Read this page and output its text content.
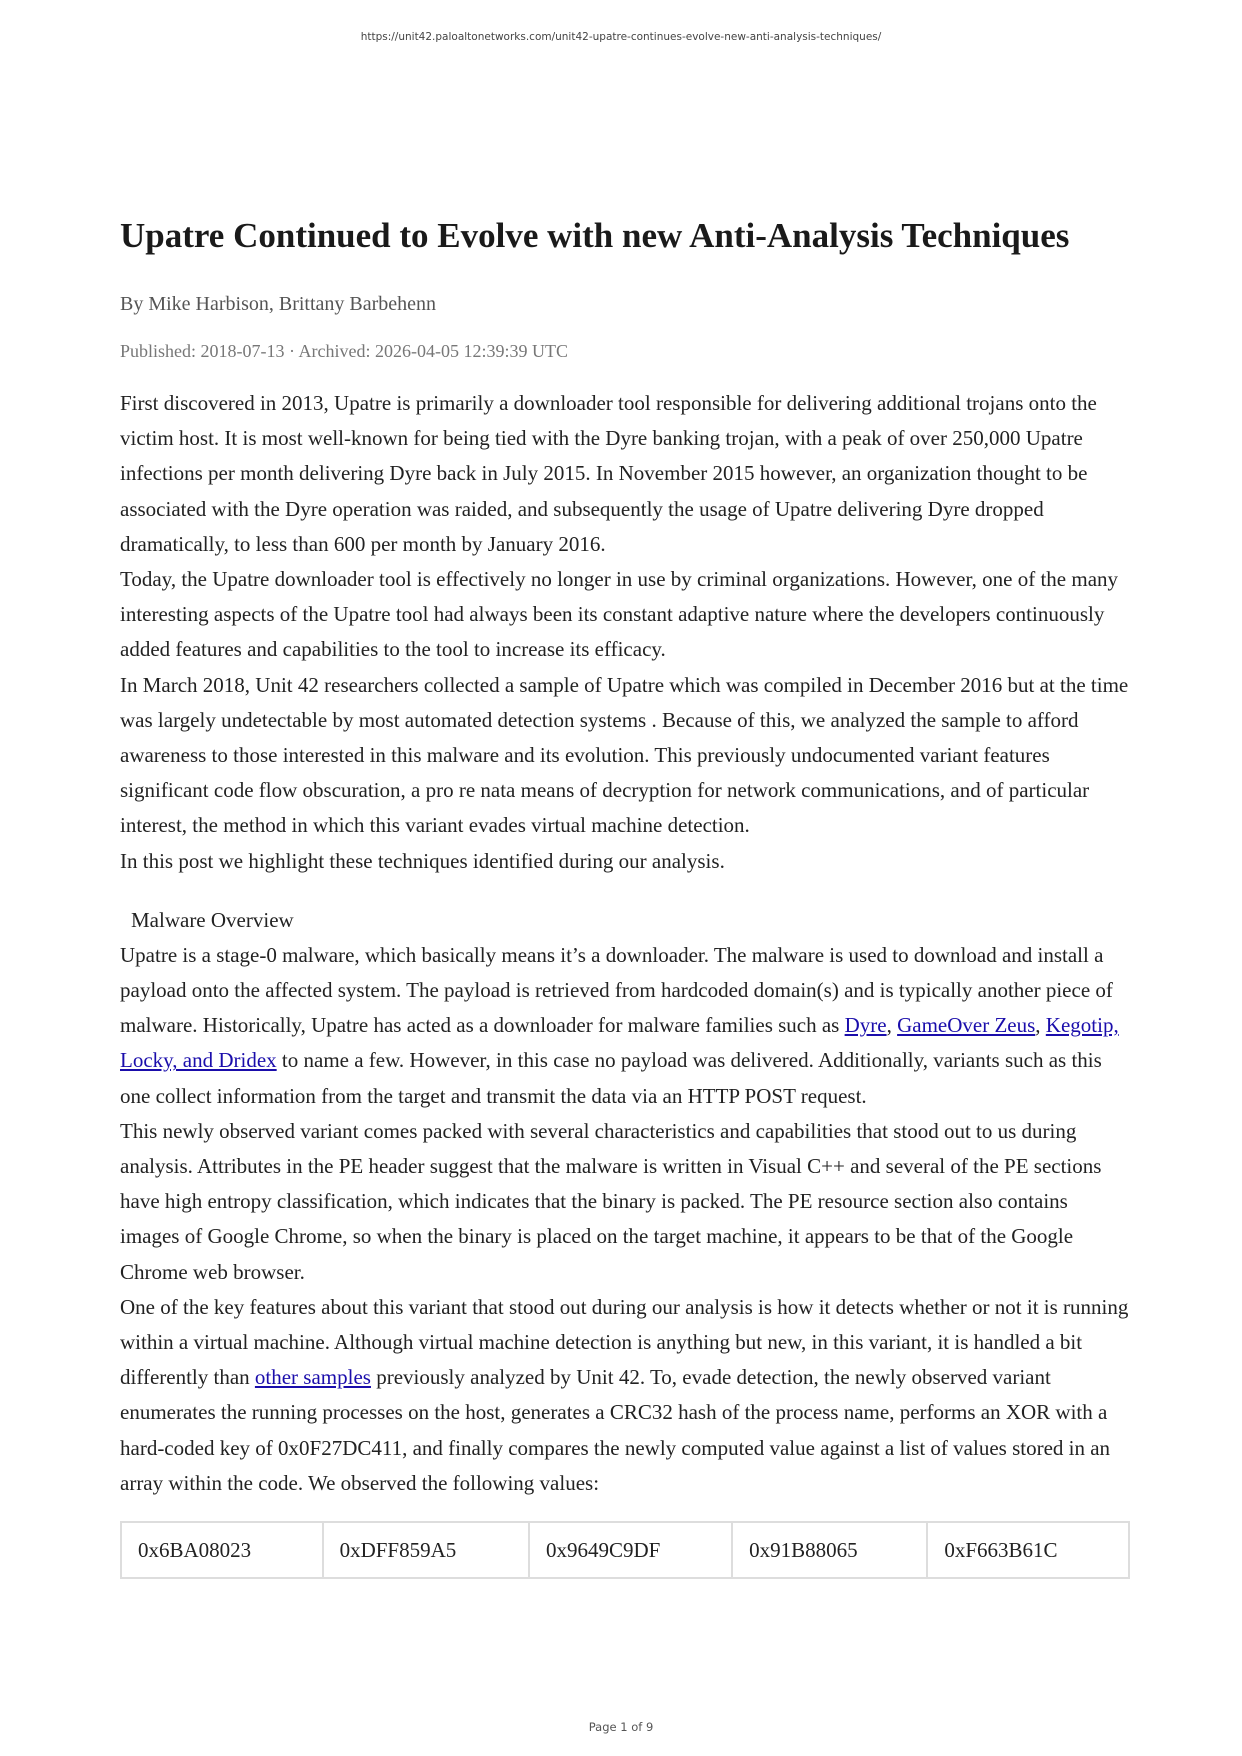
https://unit42.paloaltonetworks.com/unit42-upatre-continues-evolve-new-anti-analysis-techniques/
Upatre Continued to Evolve with new Anti-Analysis Techniques
By Mike Harbison, Brittany Barbehenn
Published: 2018-07-13 · Archived: 2026-04-05 12:39:39 UTC

First discovered in 2013, Upatre is primarily a downloader tool responsible for delivering additional trojans onto the victim host. It is most well-known for being tied with the Dyre banking trojan, with a peak of over 250,000 Upatre infections per month delivering Dyre back in July 2015. In November 2015 however, an organization thought to be associated with the Dyre operation was raided, and subsequently the usage of Upatre delivering Dyre dropped dramatically, to less than 600 per month by January 2016.

Today, the Upatre downloader tool is effectively no longer in use by criminal organizations. However, one of the many interesting aspects of the Upatre tool had always been its constant adaptive nature where the developers continuously added features and capabilities to the tool to increase its efficacy.

In March 2018, Unit 42 researchers collected a sample of Upatre which was compiled in December 2016 but at the time was largely undetectable by most automated detection systems . Because of this, we analyzed the sample to afford awareness to those interested in this malware and its evolution. This previously undocumented variant features significant code flow obscuration, a pro re nata means of decryption for network communications, and of particular interest, the method in which this variant evades virtual machine detection.

In this post we highlight these techniques identified during our analysis.

Malware Overview

Upatre is a stage-0 malware, which basically means it’s a downloader. The malware is used to download and install a payload onto the affected system. The payload is retrieved from hardcoded domain(s) and is typically another piece of malware. Historically, Upatre has acted as a downloader for malware families such as Dyre, GameOver Zeus, Kegotip, Locky, and Dridex to name a few. However, in this case no payload was delivered. Additionally, variants such as this one collect information from the target and transmit the data via an HTTP POST request.

This newly observed variant comes packed with several characteristics and capabilities that stood out to us during analysis. Attributes in the PE header suggest that the malware is written in Visual C++ and several of the PE sections have high entropy classification, which indicates that the binary is packed. The PE resource section also contains images of Google Chrome, so when the binary is placed on the target machine, it appears to be that of the Google Chrome web browser.

One of the key features about this variant that stood out during our analysis is how it detects whether or not it is running within a virtual machine. Although virtual machine detection is anything but new, in this variant, it is handled a bit differently than other samples previously analyzed by Unit 42. To, evade detection, the newly observed variant enumerates the running processes on the host, generates a CRC32 hash of the process name, performs an XOR with a hard-coded key of 0x0F27DC411, and finally compares the newly computed value against a list of values stored in an array within the code. We observed the following values:

0x6BA08023	0xDFF859A5	0x9649C9DF	0x91B88065	0xF663B61C
Page 1 of 9
